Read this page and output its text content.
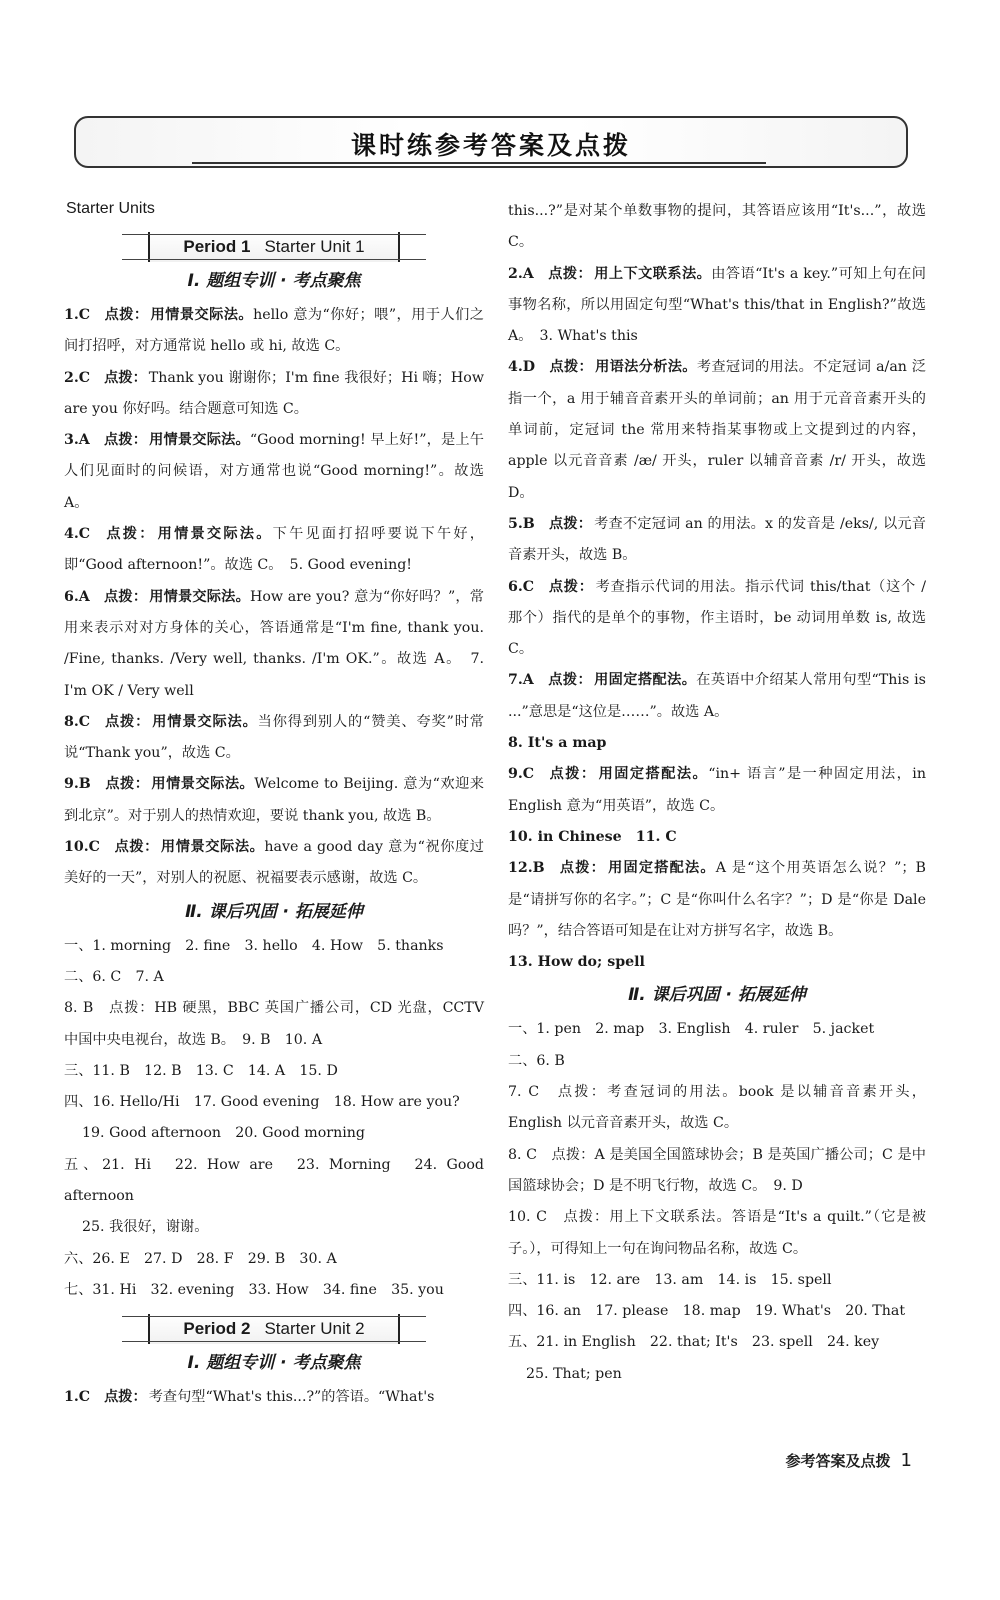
课时练参考答案及点拨
Starter Units
Period 1 Starter Unit 1
Ⅰ. 题组专训 · 考点聚焦
1.C 点拨： 用情景交际法。hello 意为“你好；喂”，用于人们之间打招呼，对方通常说 hello 或 hi, 故选 C。
2.C 点拨： Thank you 谢谢你；I'm fine 我很好；Hi 嗨；How are you 你好吗。结合题意可知选 C。
3.A 点拨： 用情景交际法。“Good morning! 早上好!”，是上午人们见面时的问候语，对方通常也说“Good morning!”。故选 A。
4.C 点拨： 用情景交际法。下午见面打招呼要说下午好，即“Good afternoon!”。故选 C。　5. Good evening!
6.A 点拨： 用情景交际法。How are you? 意为“你好吗？”，常用来表示对对方身体的关心，答语通常是“I'm fine, thank you. /Fine, thanks. /Very well, thanks. /I'm OK.”。故选 A。　7. I'm OK / Very well
8.C 点拨： 用情景交际法。当你得到别人的“赞美、夸奖”时常说“Thank you”，故选 C。
9.B 点拨： 用情景交际法。Welcome to Beijing. 意为“欢迎来到北京”。对于别人的热情欢迎，要说 thank you, 故选 B。
10.C 点拨： 用情景交际法。have a good day 意为“祝你度过美好的一天”，对别人的祝愿、祝福要表示感谢，故选 C。
Ⅱ. 课后巩固 · 拓展延伸
一、1. morning　2. fine　3. hello　4. How　5. thanks
二、6. C　7. A
8. B　点拨：HB 硬黑，BBC 英国广播公司，CD 光盘，CCTV 中国中央电视台，故选 B。　9. B　10. A
三、11. B　12. B　13. C　14. A　15. D
四、16. Hello/Hi　17. Good evening　18. How are you?
19. Good afternoon　20. Good morning
五、21. Hi　22. How are　23. Morning　24. Good afternoon
25. 我很好，谢谢。
六、26. E　27. D　28. F　29. B　30. A
七、31. Hi　32. evening　33. How　34. fine　35. you
Period 2 Starter Unit 2
Ⅰ. 题组专训 · 考点聚焦
1.C 点拨： 考查句型“What's this...?”的答语。“What's
this...?”是对某个单数事物的提问，其答语应该用“It's...”，故选 C。
2.A 点拨： 用上下文联系法。由答语“It's a key.”可知上句在问事物名称，所以用固定句型“What's this/that in English?”故选 A。　3. What's this
4.D 点拨： 用语法分析法。考查冠词的用法。不定冠词 a/an 泛指一个，a 用于辅音音素开头的单词前；an 用于元音音素开头的单词前，定冠词 the 常用来特指某事物或上文提到过的内容，apple 以元音音素 /æ/ 开头，ruler 以辅音音素 /r/ 开头，故选 D。
5.B 点拨： 考查不定冠词 an 的用法。x 的发音是 /eks/, 以元音音素开头，故选 B。
6.C 点拨： 考查指示代词的用法。指示代词 this/that（这个 / 那个）指代的是单个的事物，作主语时，be 动词用单数 is, 故选 C。
7.A 点拨： 用固定搭配法。在英语中介绍某人常用句型“This is ...”意思是“这位是……”。故选 A。
8. It's a map
9.C 点拨： 用固定搭配法。“in+ 语言”是一种固定用法，in English 意为“用英语”，故选 C。
10. in Chinese　11. C
12.B 点拨： 用固定搭配法。A 是“这个用英语怎么说？”；B 是“请拼写你的名字。”；C 是“你叫什么名字？”；D 是“你是 Dale 吗？”，结合答语可知是在让对方拼写名字，故选 B。
13. How do; spell
Ⅱ. 课后巩固 · 拓展延伸
一、1. pen　2. map　3. English　4. ruler　5. jacket
二、6. B
7. C　点拨：考查冠词的用法。book 是以辅音音素开头，English 以元音音素开头，故选 C。
8. C　点拨：A 是美国全国篮球协会；B 是英国广播公司；C 是中国篮球协会；D 是不明飞行物，故选 C。　9. D
10. C　点拨：用上下文联系法。答语是“It's a quilt.”（它是被子。），可得知上一句在询问物品名称，故选 C。
三、11. is　12. are　13. am　14. is　15. spell
四、16. an　17. please　18. map　19. What's　20. That
五、21. in English　22. that; It's　23. spell　24. key
25. That; pen
参考答案及点拨 1
